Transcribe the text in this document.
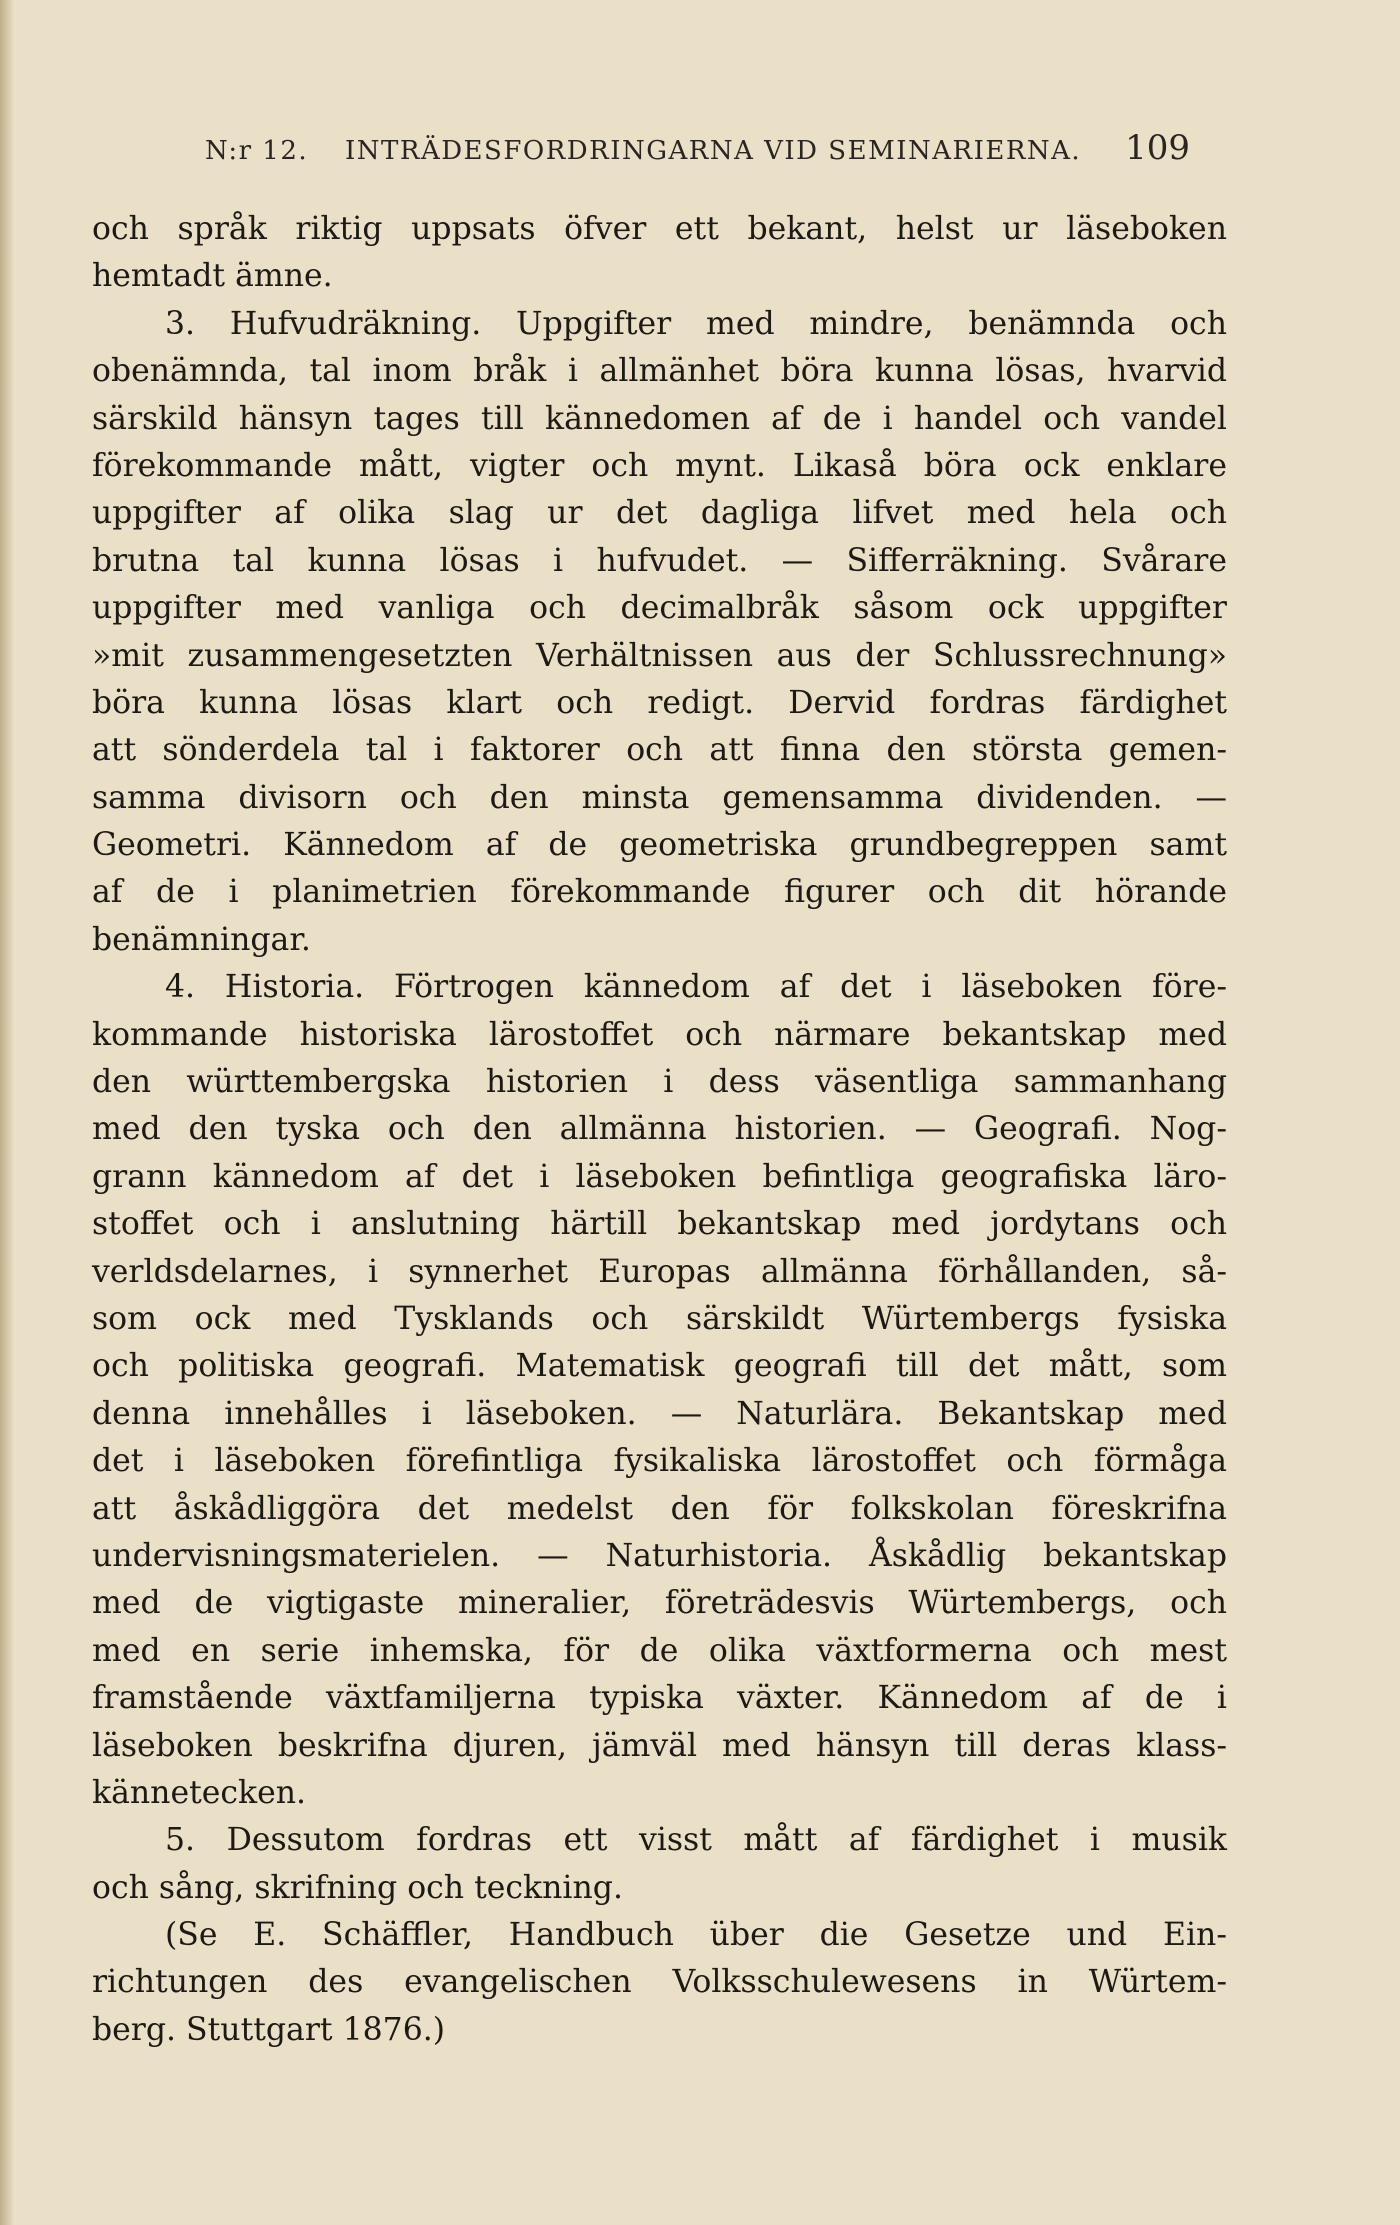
N:r 12. INTRÄDESFORDRINGARNA VID SEMINARIERNA. 109
och språk riktig uppsats öfver ett bekant, helst ur läseboken
hemtadt ämne.
3. Hufvudräkning. Uppgifter med mindre, benämnda och
obenämnda, tal inom bråk i allmänhet böra kunna lösas, hvarvid
särskild hänsyn tages till kännedomen af de i handel och vandel
förekommande mått, vigter och mynt. Likaså böra ock enklare
uppgifter af olika slag ur det dagliga lifvet med hela och
brutna tal kunna lösas i hufvudet. — Sifferräkning. Svårare
uppgifter med vanliga och decimalbråk såsom ock uppgifter
»mit zusammengesetzten Verhältnissen aus der Schlussrechnung»
böra kunna lösas klart och redigt. Dervid fordras färdighet
att sönderdela tal i faktorer och att finna den största gemen-
samma divisorn och den minsta gemensamma dividenden. —
Geometri. Kännedom af de geometriska grundbegreppen samt
af de i planimetrien förekommande figurer och dit hörande
benämningar.
4. Historia. Förtrogen kännedom af det i läseboken före-
kommande historiska lärostoffet och närmare bekantskap med
den württembergska historien i dess väsentliga sammanhang
med den tyska och den allmänna historien. — Geografi. Nog-
grann kännedom af det i läseboken befintliga geografiska läro-
stoffet och i anslutning härtill bekantskap med jordytans och
verldsdelarnes, i synnerhet Europas allmänna förhållanden, så-
som ock med Tysklands och särskildt Würtembergs fysiska
och politiska geografi. Matematisk geografi till det mått, som
denna innehålles i läseboken. — Naturlära. Bekantskap med
det i läseboken förefintliga fysikaliska lärostoffet och förmåga
att åskådliggöra det medelst den för folkskolan föreskrifna
undervisningsmaterielen. — Naturhistoria. Åskådlig bekantskap
med de vigtigaste mineralier, företrädesvis Würtembergs, och
med en serie inhemska, för de olika växtformerna och mest
framstående växtfamiljerna typiska växter. Kännedom af de i
läseboken beskrifna djuren, jämväl med hänsyn till deras klass-
kännetecken.
5. Dessutom fordras ett visst mått af färdighet i musik
och sång, skrifning och teckning.
(Se E. Schäffler, Handbuch über die Gesetze und Ein-
richtungen des evangelischen Volksschulewesens in Würtem-
berg. Stuttgart 1876.)
